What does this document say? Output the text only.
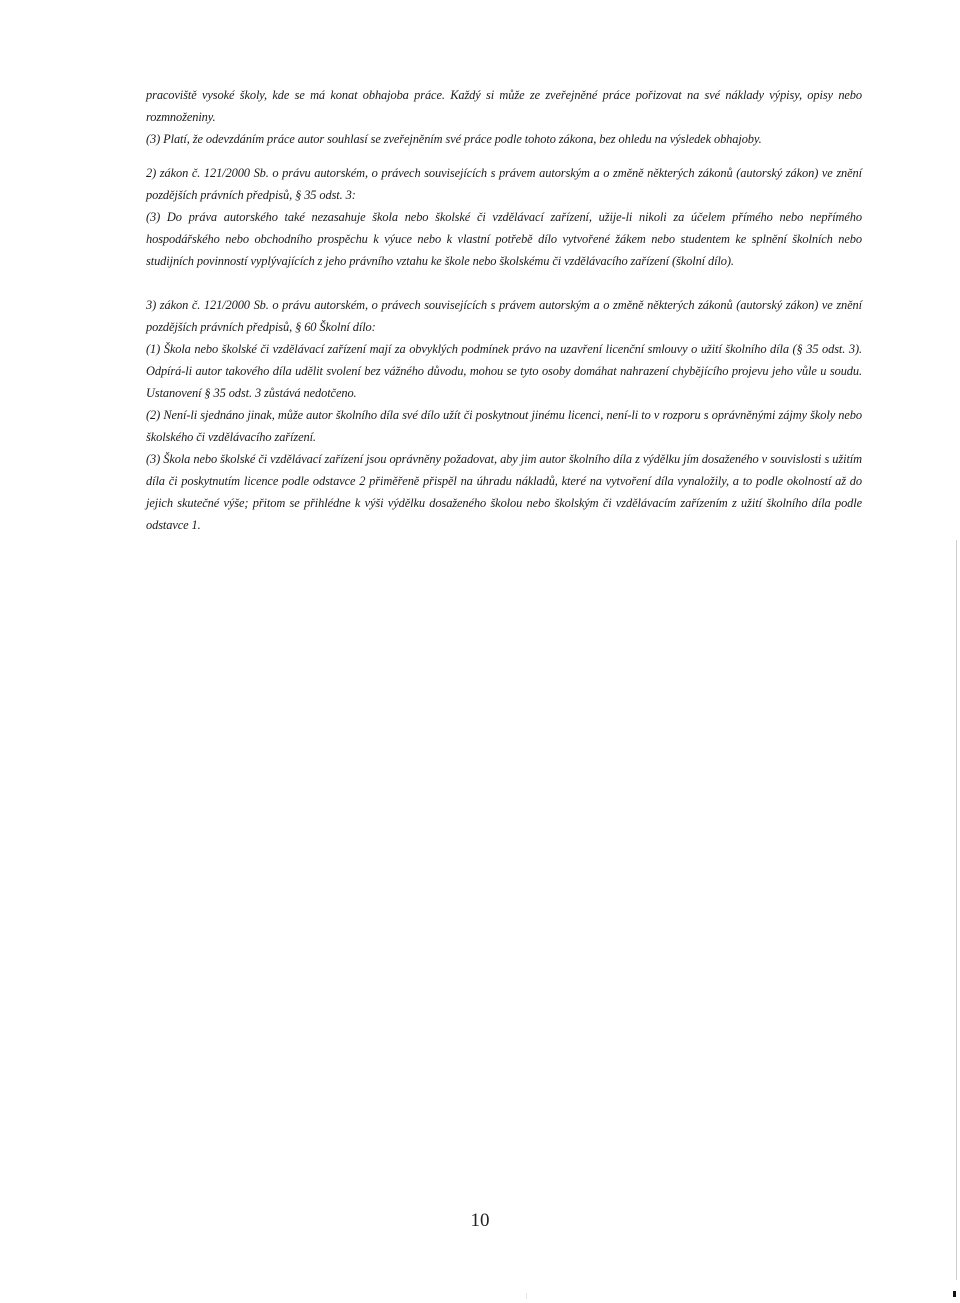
pracoviště vysoké školy, kde se má konat obhajoba práce. Každý si může ze zveřejněné práce pořizovat na své náklady výpisy, opisy nebo rozmnoženiny.

(3) Platí, že odevzdáním práce autor souhlasí se zveřejněním své práce podle tohoto zákona, bez ohledu na výsledek obhajoby.

2) zákon č. 121/2000 Sb. o právu autorském, o právech souvisejících s právem autorským a o změně některých zákonů (autorský zákon) ve znění pozdějších právních předpisů, § 35 odst. 3:

(3) Do práva autorského také nezasahuje škola nebo školské či vzdělávací zařízení, užije-li nikoli za účelem přímého nebo nepřímého hospodářského nebo obchodního prospěchu k výuce nebo k vlastní potřebě dílo vytvořené žákem nebo studentem ke splnění školních nebo studijních povinností vyplývajících z jeho právního vztahu ke škole nebo školskému či vzdělávacího zařízení (školní dílo).

3) zákon č. 121/2000 Sb. o právu autorském, o právech souvisejících s právem autorským a o změně některých zákonů (autorský zákon) ve znění pozdějších právních předpisů, § 60 Školní dílo:

(1) Škola nebo školské či vzdělávací zařízení mají za obvyklých podmínek právo na uzavření licenční smlouvy o užití školního díla (§ 35 odst. 3). Odpírá-li autor takového díla udělit svolení bez vážného důvodu, mohou se tyto osoby domáhat nahrazení chybějícího projevu jeho vůle u soudu. Ustanovení § 35 odst. 3 zůstává nedotčeno.

(2) Není-li sjednáno jinak, může autor školního díla své dílo užít či poskytnout jinému licenci, není-li to v rozporu s oprávněnými zájmy školy nebo školského či vzdělávacího zařízení.

(3) Škola nebo školské či vzdělávací zařízení jsou oprávněny požadovat, aby jim autor školního díla z výdělku jím dosaženého v souvislosti s užitím díla či poskytnutím licence podle odstavce 2 přiměřeně přispěl na úhradu nákladů, které na vytvoření díla vynaložily, a to podle okolností až do jejich skutečné výše; přitom se přihlédne k výši výdělku dosaženého školou nebo školským či vzdělávacím zařízením z užití školního díla podle odstavce 1.

10
